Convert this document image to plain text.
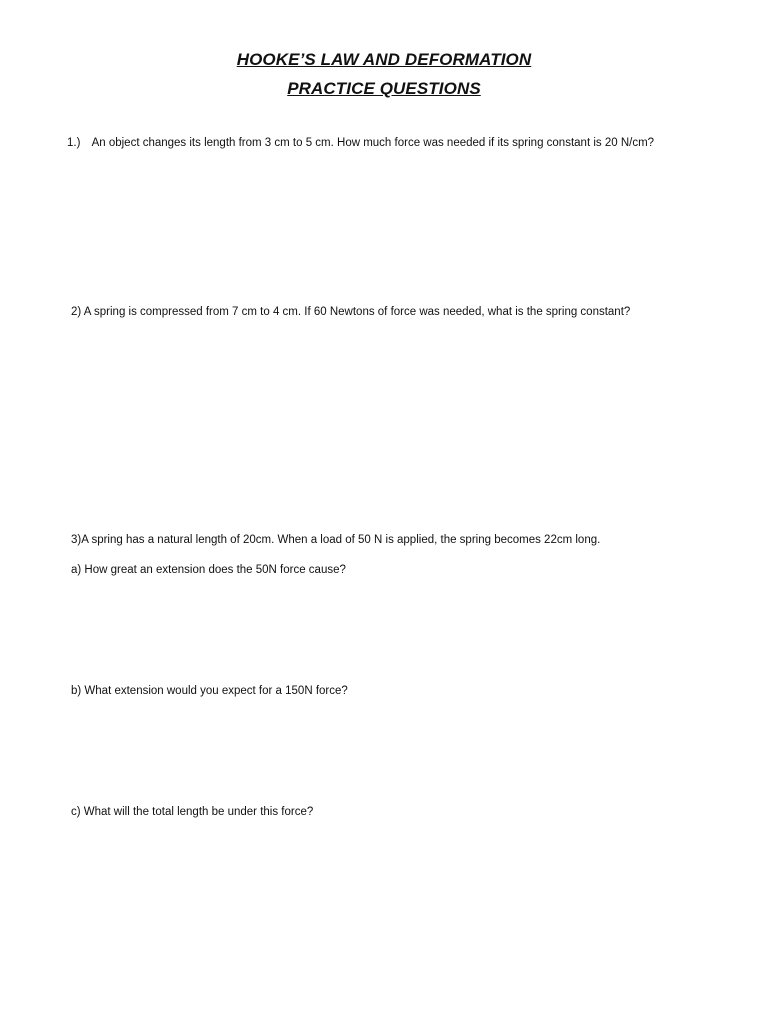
HOOKE’S LAW AND DEFORMATION
PRACTICE QUESTIONS
1.) An object changes its length from 3 cm to 5 cm. How much force was needed if its spring constant is 20 N/cm?
2) A spring is compressed from 7 cm to 4 cm. If 60 Newtons of force was needed, what is the spring constant?
3)A spring has a natural length of 20cm. When a load of 50 N is applied, the spring becomes 22cm long.
a) How great an extension does the 50N force cause?
b) What extension would you expect for a 150N force?
c) What will the total length be under this force?
